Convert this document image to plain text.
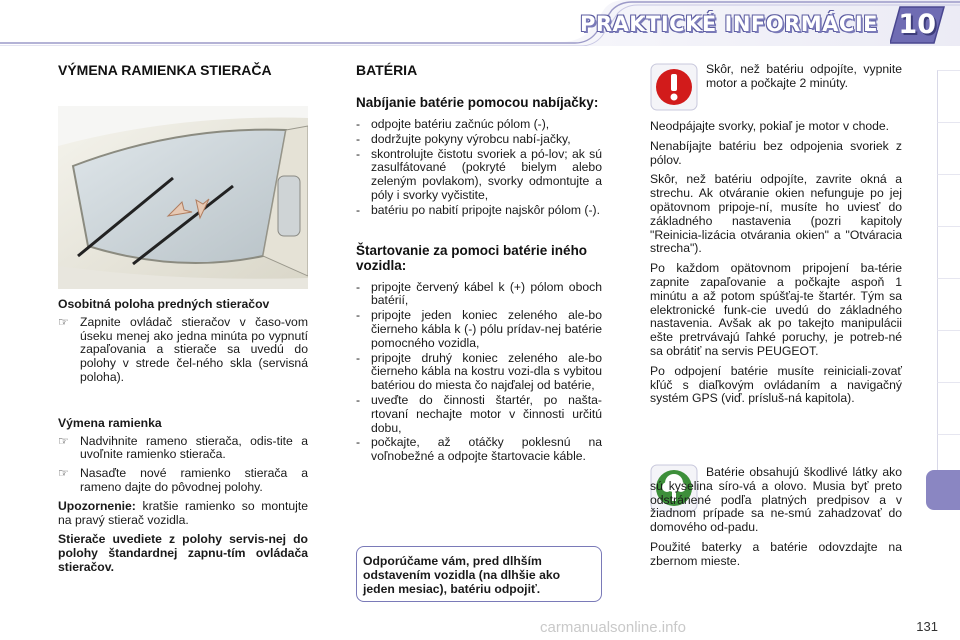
PRAKTICKÉ INFORMÁCIE 10
VÝMENA RAMIENKA STIERAČA
Osobitná poloha predných stieračov
☞ Zapnite ovládač stieračov v časo-vom úseku menej ako jedna minúta po vypnutí zapaľovania a stierače sa uvedú do polohy v strede čel-ného skla (servisná poloha).
Výmena ramienka
☞ Nadvihnite rameno stierača, odis-tite a uvoľnite ramienko stierača.
☞ Nasaďte nové ramienko stierača a rameno dajte do pôvodnej polohy.

Upozornenie: kratšie ramienko so montujte na pravý stierač vozidla.

Stierače uvediete z polohy servis-nej do polohy štandardnej zapnu-tím ovládača stieračov.

BATÉRIA
Nabíjanie batérie pomocou nabíjačky:
- odpojte batériu začnúc pólom (-),
- dodržujte pokyny výrobcu nabí-jačky,
- skontrolujte čistotu svoriek a pó-lov; ak sú zasulfátované (pokryté bielym alebo zeleným povlakom), svorky odmontujte a póly i svorky vyčistite,
- batériu po nabití pripojte najskôr pólom (-).
Štartovanie za pomoci batérie iného vozidla:
- pripojte červený kábel k (+) pólom oboch batérií,
- pripojte jeden koniec zeleného ale-bo čierneho kábla k (-) pólu prídav-nej batérie pomocného vozidla,
- pripojte druhý koniec zeleného ale-bo čierneho kábla na kostru vozi-dla s vybitou batériou do miesta čo najďalej od batérie,
- uveďte do činnosti štartér, po našta-rtovaní nechajte motor v činnosti určitú dobu,
- počkajte, až otáčky poklesnú na voľnobežné a odpojte štartovacie káble.
Odporúčame vám, pred dlhším odstavením vozidla (na dlhšie ako jeden mesiac), batériu odpojiť.

Skôr, než batériu odpojíte, vypnite motor a počkajte 2 minúty.

Neodpájajte svorky, pokiaľ je motor v chode.

Nenabíjajte batériu bez odpojenia svoriek z pólov.

Skôr, než batériu odpojíte, zavrite okná a strechu. Ak otváranie okien nefunguje po jej opätovnom pripoje-ní, musíte ho uviesť do základného nastavenia (pozri kapitoly "Reinicia-lizácia otvárania okien" a "Otváracia strecha").

Po každom opätovnom pripojení ba-térie zapnite zapaľovanie a počkajte aspoň 1 minútu a až potom spúšťaj-te štartér. Tým sa elektronické funk-cie uvedú do základného nastavenia. Avšak ak po takejto manipulácii ešte pretrvávajú ľahké poruchy, je potreb-né sa obrátiť na servis PEUGEOT.

Po odpojení batérie musíte reiniciali-zovať kľúč s diaľkovým ovládaním a navigačný systém GPS (viď. prísluš-ná kapitola).

Batérie obsahujú škodlivé látky ako sú kyselina síro-vá a olovo. Musia byť preto odstránené podľa platných predpisov a v žiadnom prípade sa ne-smú zahadzovať do domového od-padu.

Použité baterky a batérie odovzdajte na zbernom mieste.

carmanualsonline.info	131
